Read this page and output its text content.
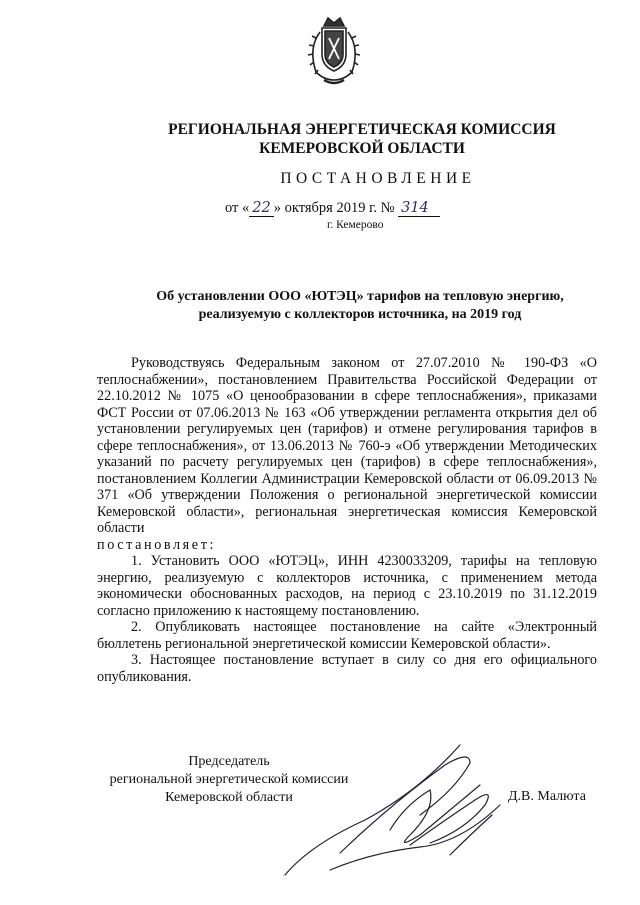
РЕГИОНАЛЬНАЯ ЭНЕРГЕТИЧЕСКАЯ КОМИССИЯ
КЕМЕРОВСКОЙ ОБЛАСТИ
ПОСТАНОВЛЕНИЕ
от « 22 » октября 2019 г. № 314
г. Кемерово
Об установлении ООО «ЮТЭЦ» тарифов на тепловую энергию,
реализуемую с коллекторов источника, на 2019 год

Руководствуясь Федеральным законом от 27.07.2010 № 190-ФЗ «О теплоснабжении», постановлением Правительства Российской Федерации от 22.10.2012 № 1075 «О ценообразовании в сфере теплоснабжения», приказами ФСТ России от 07.06.2013 № 163 «Об утверждении регламента открытия дел об установлении регулируемых цен (тарифов) и отмене регулирования тарифов в сфере теплоснабжения», от 13.06.2013 № 760-э «Об утверждении Методических указаний по расчету регулируемых цен (тарифов) в сфере теплоснабжения», постановлением Коллегии Администрации Кемеровской области от 06.09.2013 № 371 «Об утверждении Положения о региональной энергетической комиссии Кемеровской области», региональная энергетическая комиссия Кемеровской области

постановляет:

1. Установить ООО «ЮТЭЦ», ИНН 4230033209, тарифы на тепловую энергию, реализуемую с коллекторов источника, с применением метода экономически обоснованных расходов, на период с 23.10.2019 по 31.12.2019 согласно приложению к настоящему постановлению.

2. Опубликовать настоящее постановление на сайте «Электронный бюллетень региональной энергетической комиссии Кемеровской области».

3. Настоящее постановление вступает в силу со дня его официального опубликования.

Председатель
региональной энергетической комиссии
Кемеровской области	Д.В. Малюта
